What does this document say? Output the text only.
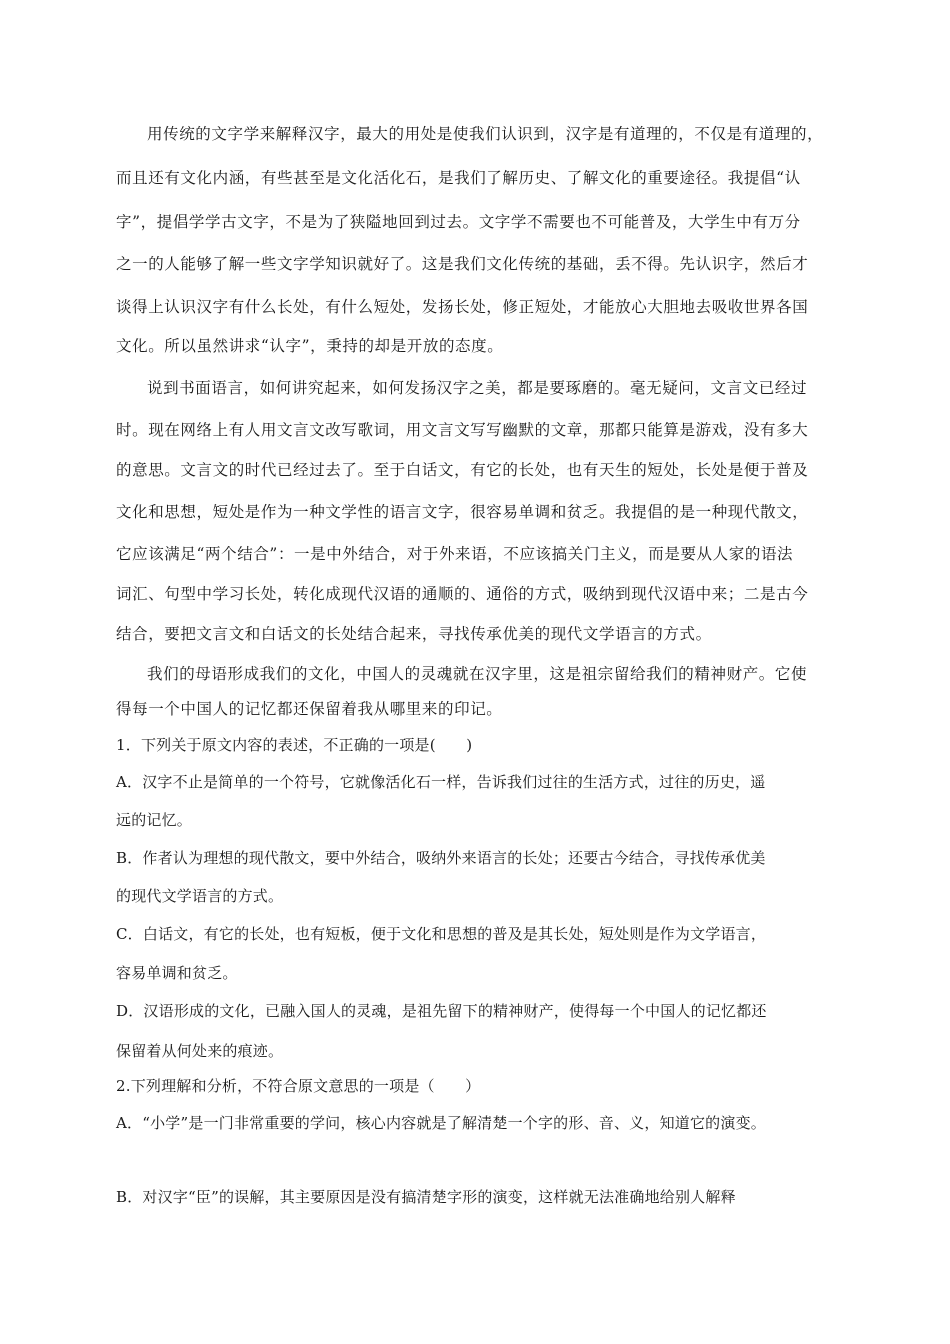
用传统的文字学来解释汉字，最大的用处是使我们认识到，汉字是有道理的，不仅是有道理的，
而且还有文化内涵，有些甚至是文化活化石，是我们了解历史、了解文化的重要途径。我提倡“认
字”，提倡学学古文字，不是为了狭隘地回到过去。文字学不需要也不可能普及，大学生中有万分
之一的人能够了解一些文字学知识就好了。这是我们文化传统的基础，丢不得。先认识字，然后才
谈得上认识汉字有什么长处，有什么短处，发扬长处，修正短处，才能放心大胆地去吸收世界各国
文化。所以虽然讲求“认字”，秉持的却是开放的态度。
说到书面语言，如何讲究起来，如何发扬汉字之美，都是要琢磨的。毫无疑问，文言文已经过
时。现在网络上有人用文言文改写歌词，用文言文写写幽默的文章，那都只能算是游戏，没有多大
的意思。文言文的时代已经过去了。至于白话文，有它的长处，也有天生的短处，长处是便于普及
文化和思想，短处是作为一种文学性的语言文字，很容易单调和贫乏。我提倡的是一种现代散文，
它应该满足“两个结合”：一是中外结合，对于外来语，不应该搞关门主义，而是要从人家的语法
词汇、句型中学习长处，转化成现代汉语的通顺的、通俗的方式，吸纳到现代汉语中来；二是古今
结合，要把文言文和白话文的长处结合起来，寻找传承优美的现代文学语言的方式。
我们的母语形成我们的文化，中国人的灵魂就在汉字里，这是祖宗留给我们的精神财产。它使
得每一个中国人的记忆都还保留着我从哪里来的印记。
1．下列关于原文内容的表述，不正确的一项是(　　)
A．汉字不止是简单的一个符号，它就像活化石一样，告诉我们过往的生活方式，过往的历史，遥
远的记忆。
B．作者认为理想的现代散文，要中外结合，吸纳外来语言的长处；还要古今结合，寻找传承优美
的现代文学语言的方式。
C．白话文，有它的长处，也有短板，便于文化和思想的普及是其长处，短处则是作为文学语言，
容易单调和贫乏。
D．汉语形成的文化，已融入国人的灵魂，是祖先留下的精神财产，使得每一个中国人的记忆都还
保留着从何处来的痕迹。
2.下列理解和分析，不符合原文意思的一项是（　　）
A．“小学”是一门非常重要的学问，核心内容就是了解清楚一个字的形、音、义，知道它的演变。
B．对汉字“臣”的误解，其主要原因是没有搞清楚字形的演变，这样就无法准确地给别人解释
